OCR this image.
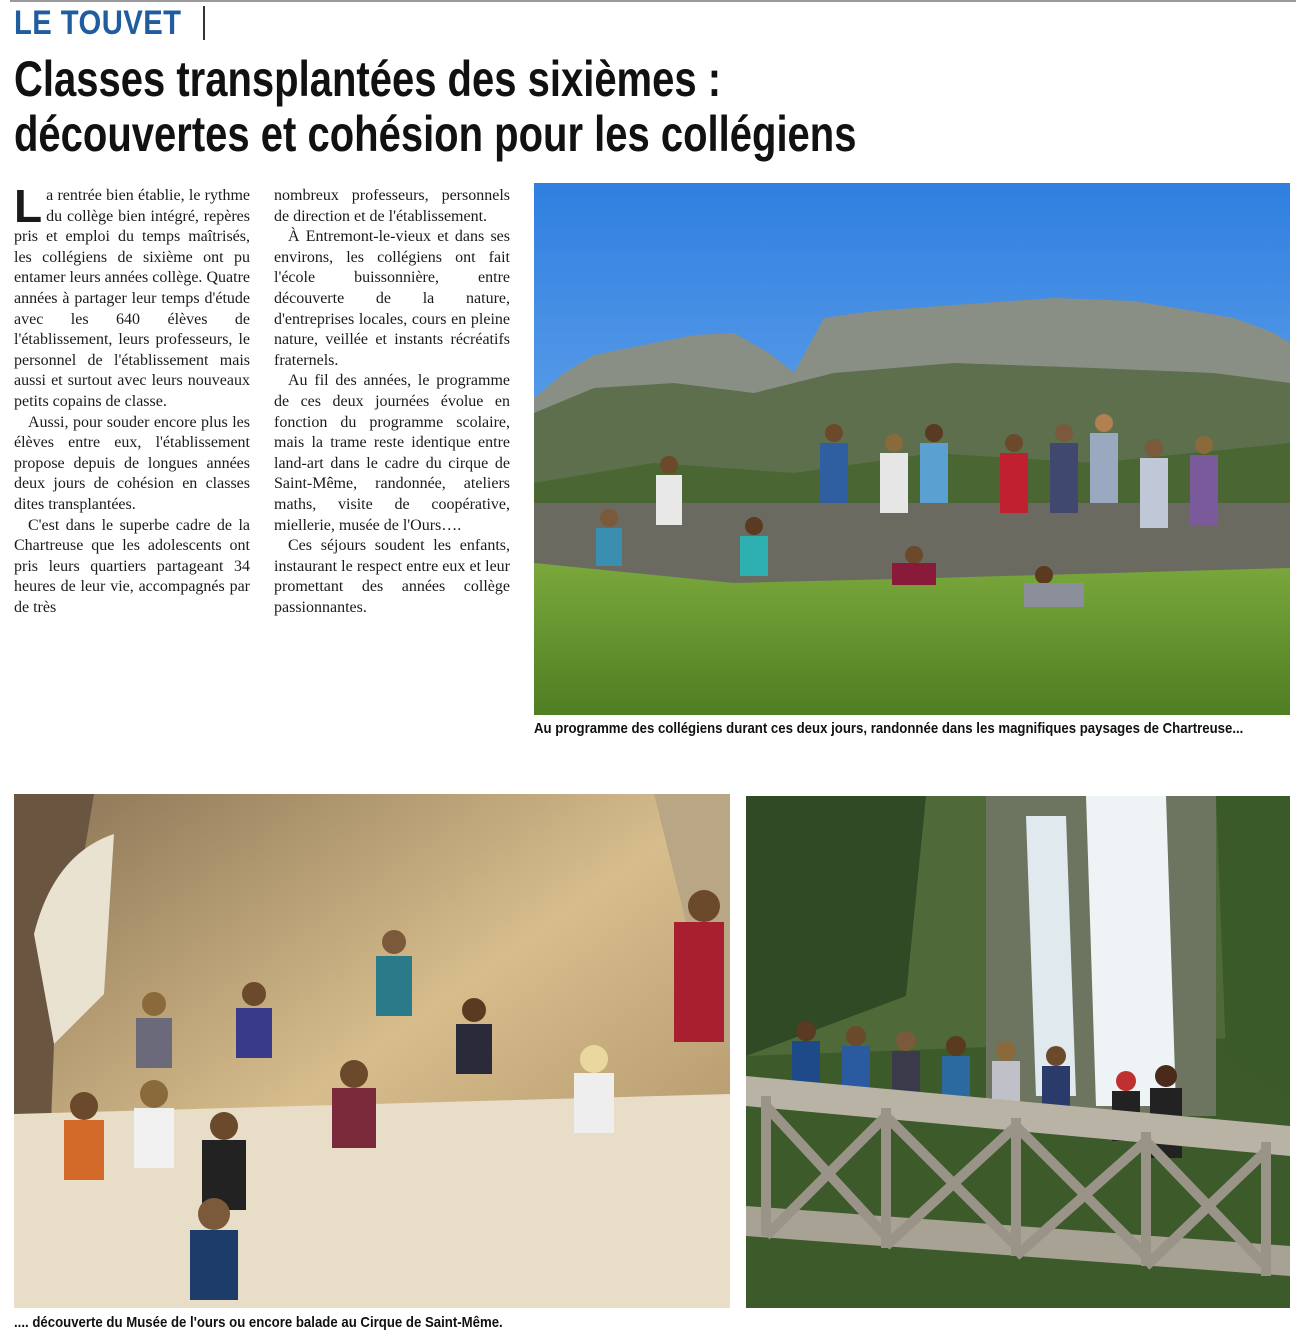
LE TOUVET
Classes transplantées des sixièmes :
découvertes et cohésion pour les collégiens

La rentrée bien établie, le rythme du collège bien intégré, repères pris et emploi du temps maîtrisés, les collégiens de sixième ont pu entamer leurs années collège. Quatre années à partager leur temps d'étude avec les 640 élèves de l'établissement, leurs professeurs, le personnel de l'établissement mais aussi et surtout avec leurs nouveaux petits copains de classe.

Aussi, pour souder encore plus les élèves entre eux, l'établissement propose depuis de longues années deux jours de cohésion en classes dites transplantées.

C'est dans le superbe cadre de la Chartreuse que les adolescents ont pris leurs quartiers partageant 34 heures de leur vie, accompagnés par de très

nombreux professeurs, personnels de direction et de l'établissement.

À Entremont-le-vieux et dans ses environs, les collégiens ont fait l'école buissonnière, entre découverte de la nature, d'entreprises locales, cours en pleine nature, veillée et instants récréatifs fraternels.

Au fil des années, le programme de ces deux journées évolue en fonction du programme scolaire, mais la trame reste identique entre land-art dans le cadre du cirque de Saint-Même, randonnée, ateliers maths, visite de coopérative, miellerie, musée de l'Ours….

Ces séjours soudent les enfants, instaurant le respect entre eux et leur promettant des années collège passionnantes.

Au programme des collégiens durant ces deux jours, randonnée dans les magnifiques paysages de Chartreuse...
.... découverte du Musée de l'ours ou encore balade au Cirque de Saint-Même.
